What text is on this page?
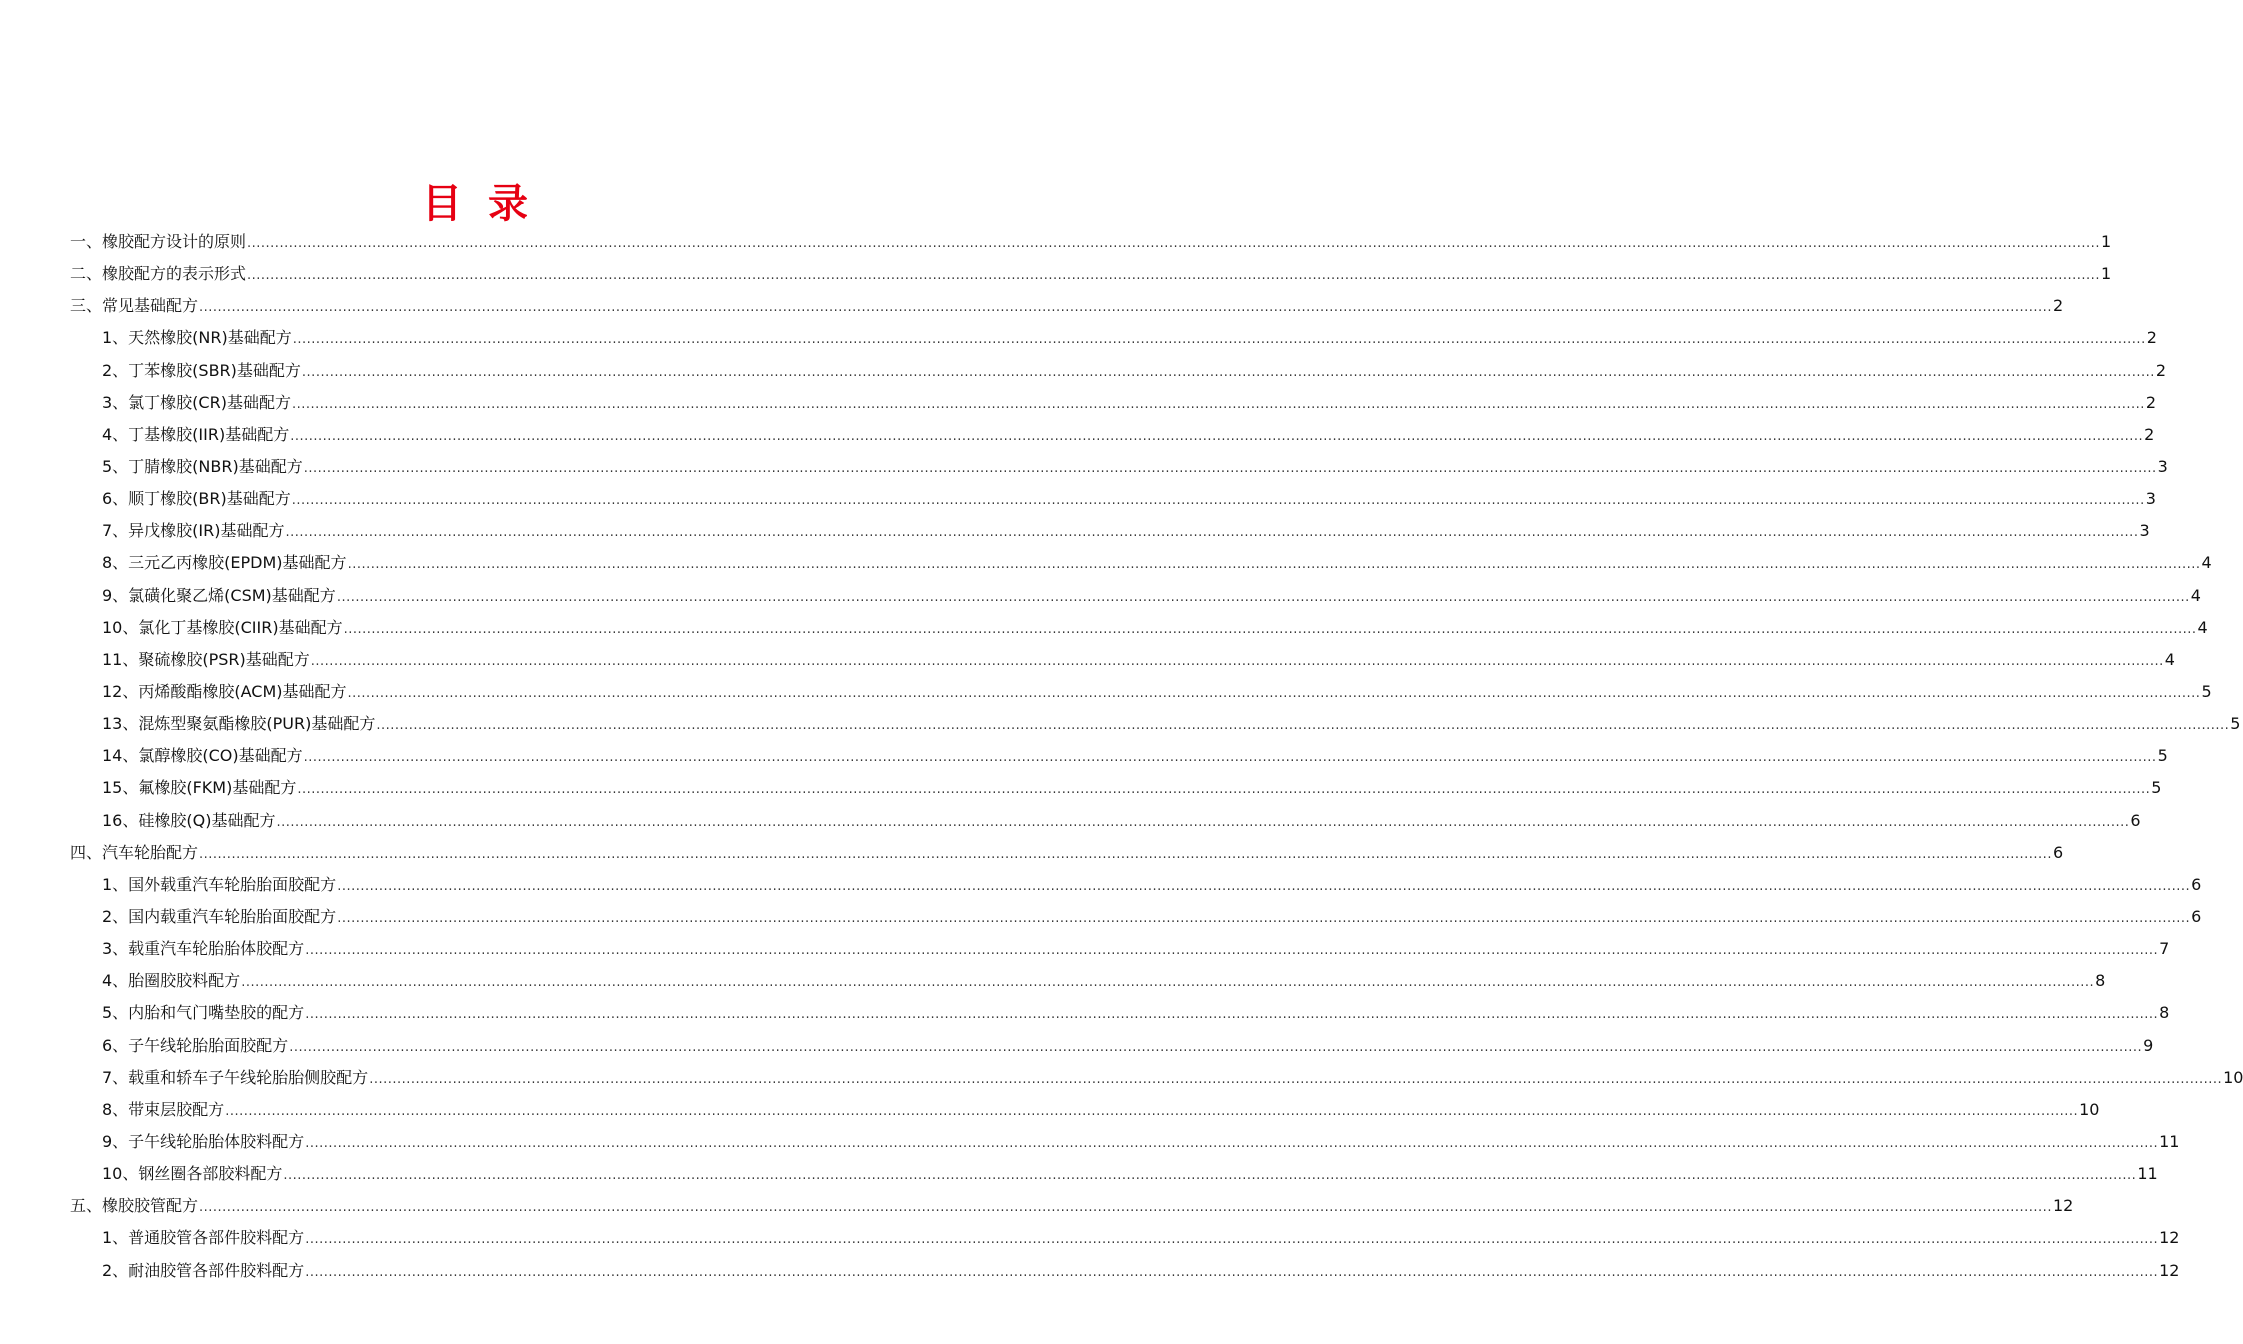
目录
一、橡胶配方设计的原则 ................................................................................................................................................................................................................................................................................................................................................................................................................ 1
二、橡胶配方的表示形式 ................................................................................................................................................................................................................................................................................................................................................................................................................ 1
三、常见基础配方 ................................................................................................................................................................................................................................................................................................................................................................................................................ 2
1、天然橡胶(NR)基础配方 ................................................................................................................................................................................................................................................................................................................................................................................................................ 2
2、丁苯橡胶(SBR)基础配方 ................................................................................................................................................................................................................................................................................................................................................................................................................ 2
3、氯丁橡胶(CR)基础配方 ................................................................................................................................................................................................................................................................................................................................................................................................................ 2
4、丁基橡胶(IIR)基础配方 ................................................................................................................................................................................................................................................................................................................................................................................................................ 2
5、丁腈橡胶(NBR)基础配方 ................................................................................................................................................................................................................................................................................................................................................................................................................ 3
6、顺丁橡胶(BR)基础配方 ................................................................................................................................................................................................................................................................................................................................................................................................................ 3
7、异戊橡胶(IR)基础配方 ................................................................................................................................................................................................................................................................................................................................................................................................................ 3
8、三元乙丙橡胶(EPDM)基础配方 ................................................................................................................................................................................................................................................................................................................................................................................................................ 4
9、氯磺化聚乙烯(CSM)基础配方 ................................................................................................................................................................................................................................................................................................................................................................................................................ 4
10、氯化丁基橡胶(CIIR)基础配方 ................................................................................................................................................................................................................................................................................................................................................................................................................ 4
11、聚硫橡胶(PSR)基础配方 ................................................................................................................................................................................................................................................................................................................................................................................................................ 4
12、丙烯酸酯橡胶(ACM)基础配方 ................................................................................................................................................................................................................................................................................................................................................................................................................ 5
13、混炼型聚氨酯橡胶(PUR)基础配方 ................................................................................................................................................................................................................................................................................................................................................................................................................ 5
14、氯醇橡胶(CO)基础配方 ................................................................................................................................................................................................................................................................................................................................................................................................................ 5
15、氟橡胶(FKM)基础配方 ................................................................................................................................................................................................................................................................................................................................................................................................................ 5
16、硅橡胶(Q)基础配方 ................................................................................................................................................................................................................................................................................................................................................................................................................ 6
四、汽车轮胎配方 ................................................................................................................................................................................................................................................................................................................................................................................................................ 6
1、国外载重汽车轮胎胎面胶配方 ................................................................................................................................................................................................................................................................................................................................................................................................................ 6
2、国内载重汽车轮胎胎面胶配方 ................................................................................................................................................................................................................................................................................................................................................................................................................ 6
3、载重汽车轮胎胎体胶配方 ................................................................................................................................................................................................................................................................................................................................................................................................................ 7
4、胎圈胶胶料配方 ................................................................................................................................................................................................................................................................................................................................................................................................................ 8
5、内胎和气门嘴垫胶的配方 ................................................................................................................................................................................................................................................................................................................................................................................................................ 8
6、子午线轮胎胎面胶配方 ................................................................................................................................................................................................................................................................................................................................................................................................................ 9
7、载重和轿车子午线轮胎胎侧胶配方 ................................................................................................................................................................................................................................................................................................................................................................................................................ 10
8、带束层胶配方 ................................................................................................................................................................................................................................................................................................................................................................................................................ 10
9、子午线轮胎胎体胶料配方 ................................................................................................................................................................................................................................................................................................................................................................................................................ 11
10、钢丝圈各部胶料配方 ................................................................................................................................................................................................................................................................................................................................................................................................................ 11
五、橡胶胶管配方 ................................................................................................................................................................................................................................................................................................................................................................................................................ 12
1、普通胶管各部件胶料配方 ................................................................................................................................................................................................................................................................................................................................................................................................................ 12
2、耐油胶管各部件胶料配方 ................................................................................................................................................................................................................................................................................................................................................................................................................ 12
